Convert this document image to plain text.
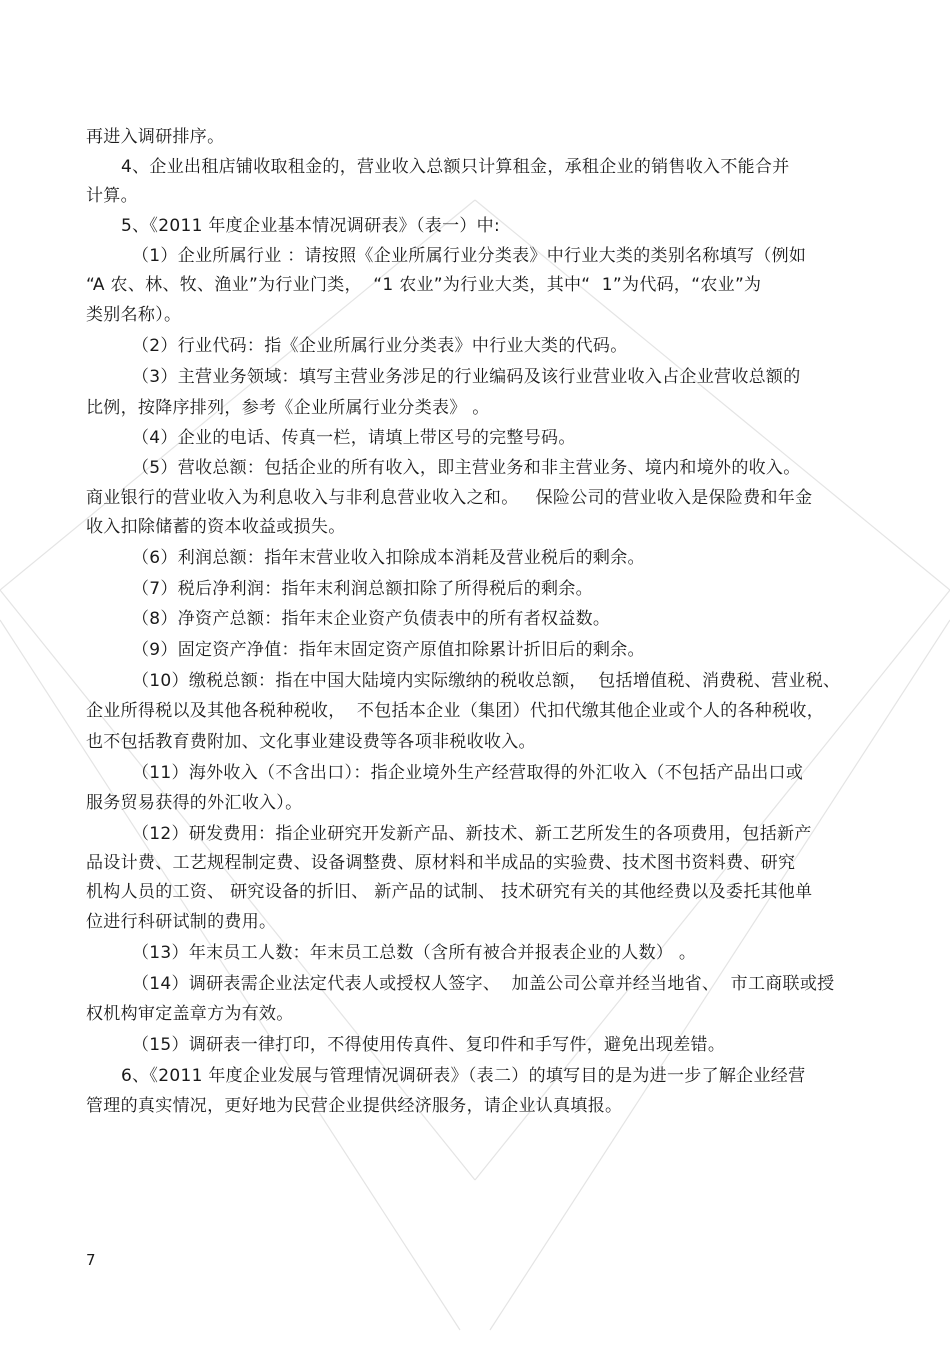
再进入调研排序。
4、企业出租店铺收取租金的，营业收入总额只计算租金，承租企业的销售收入不能合并
计算。
5、《2011 年度企业基本情况调研表》（表一）中:
（1）企业所属行业 ：请按照《企业所属行业分类表》中行业大类的类别名称填写（例如
“A 农、林、牧、渔业”为行业门类，  “1 农业”为行业大类，其中“  1”为代码，“农业”为
类别名称）。
（2）行业代码：指《企业所属行业分类表》中行业大类的代码。
（3）主营业务领域：填写主营业务涉足的行业编码及该行业营业收入占企业营收总额的
比例，按降序排列，参考《企业所属行业分类表》 。
（4）企业的电话、传真一栏，请填上带区号的完整号码。
（5）营收总额：包括企业的所有收入，即主营业务和非主营业务、境内和境外的收入。
商业银行的营业收入为利息收入与非利息营业收入之和。   保险公司的营业收入是保险费和年金
收入扣除储蓄的资本收益或损失。
（6）利润总额：指年末营业收入扣除成本消耗及营业税后的剩余。
（7）税后净利润：指年末利润总额扣除了所得税后的剩余。
（8）净资产总额：指年末企业资产负债表中的所有者权益数。
（9）固定资产净值：指年末固定资产原值扣除累计折旧后的剩余。
（10）缴税总额：指在中国大陆境内实际缴纳的税收总额，  包括增值税、消费税、营业税、
企业所得税以及其他各税种税收，  不包括本企业（集团）代扣代缴其他企业或个人的各种税收，
也不包括教育费附加、文化事业建设费等各项非税收收入。
（11）海外收入（不含出口）：指企业境外生产经营取得的外汇收入（不包括产品出口或
服务贸易获得的外汇收入）。
（12）研发费用：指企业研究开发新产品、新技术、新工艺所发生的各项费用，包括新产
品设计费、工艺规程制定费、设备调整费、原材料和半成品的实验费、技术图书资料费、研究
机构人员的工资、 研究设备的折旧、 新产品的试制、 技术研究有关的其他经费以及委托其他单
位进行科研试制的费用。
（13）年末员工人数：年末员工总数（含所有被合并报表企业的人数） 。
（14）调研表需企业法定代表人或授权人签字、  加盖公司公章并经当地省、  市工商联或授
权机构审定盖章方为有效。
（15）调研表一律打印，不得使用传真件、复印件和手写件，避免出现差错。
6、《2011 年度企业发展与管理情况调研表》（表二）的填写目的是为进一步了解企业经营
管理的真实情况，更好地为民营企业提供经济服务，请企业认真填报。
7
